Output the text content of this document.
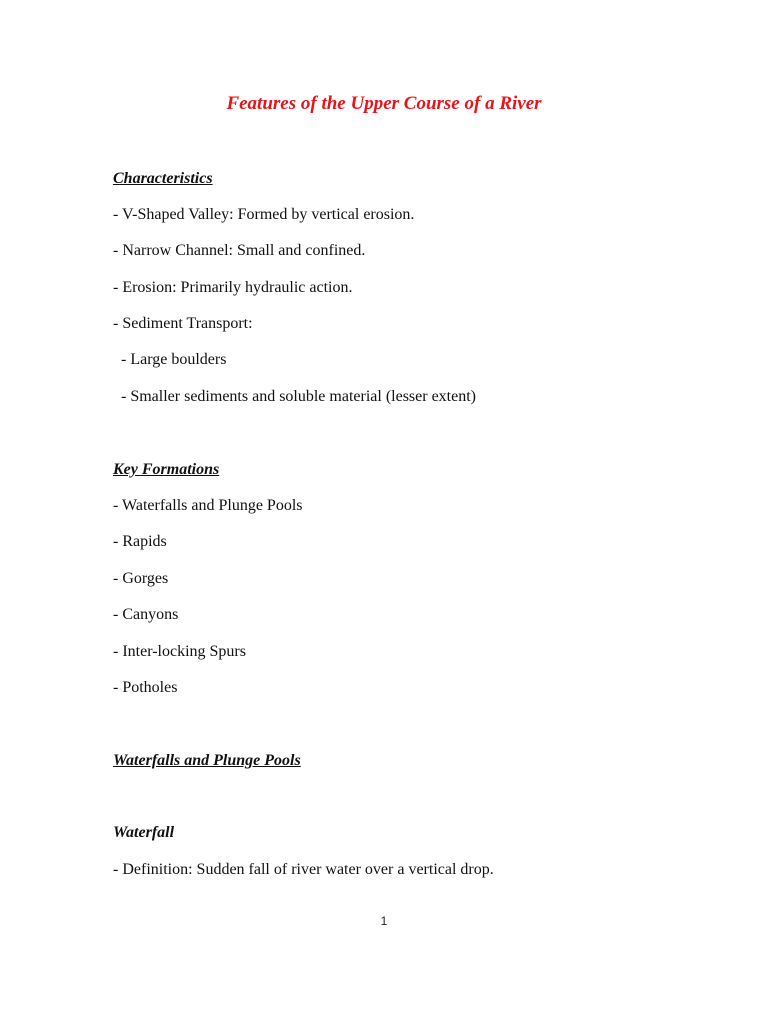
Features of the Upper Course of a River
Characteristics

- V-Shaped Valley: Formed by vertical erosion.

- Narrow Channel: Small and confined.

- Erosion: Primarily hydraulic action.

- Sediment Transport:

- Large boulders

- Smaller sediments and soluble material (lesser extent)

Key Formations

- Waterfalls and Plunge Pools

- Rapids

- Gorges

- Canyons

- Inter-locking Spurs

- Potholes

Waterfalls and Plunge Pools
Waterfall

- Definition: Sudden fall of river water over a vertical drop.

1
